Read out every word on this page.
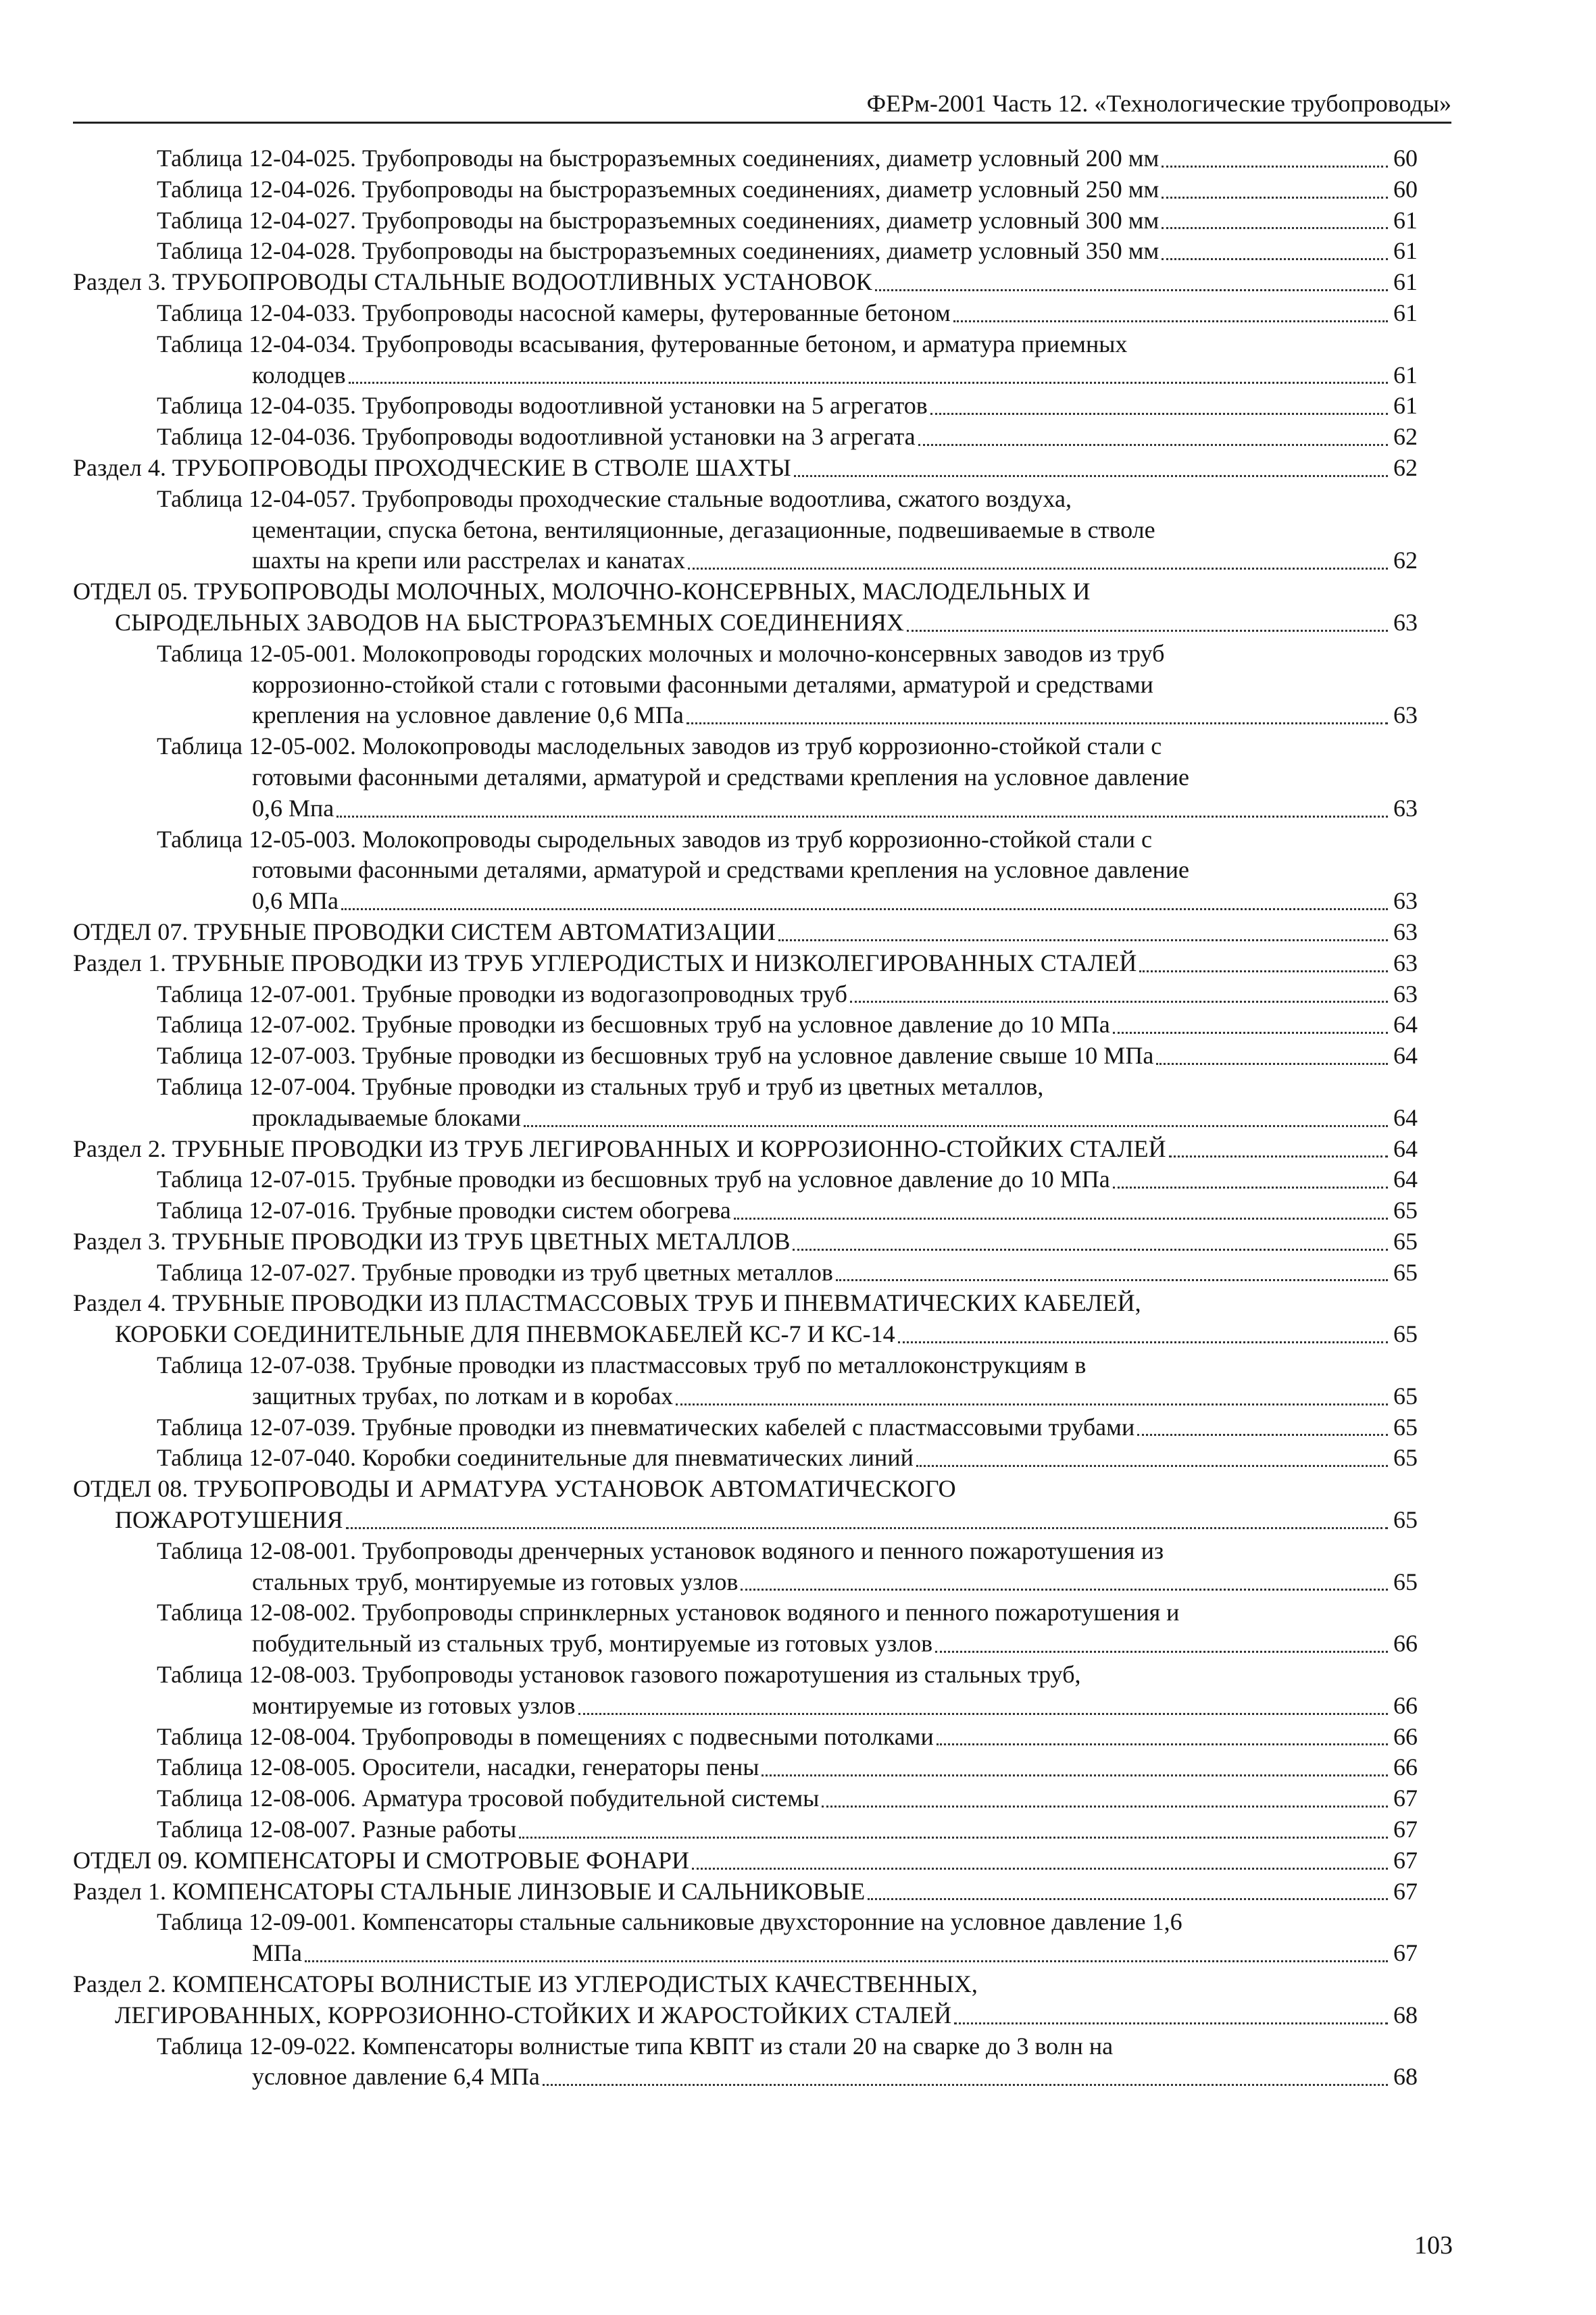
ФЕРм-2001 Часть 12. «Технологические трубопроводы»
Таблица 12-04-025. Трубопроводы на быстроразъемных соединениях, диаметр условный 200 мм	60
Таблица 12-04-026. Трубопроводы на быстроразъемных соединениях, диаметр условный 250 мм	60
Таблица 12-04-027. Трубопроводы на быстроразъемных соединениях, диаметр условный 300 мм	61
Таблица 12-04-028. Трубопроводы на быстроразъемных соединениях, диаметр условный 350 мм	61
Раздел 3. ТРУБОПРОВОДЫ СТАЛЬНЫЕ ВОДООТЛИВНЫХ УСТАНОВОК	61
Таблица 12-04-033. Трубопроводы насосной камеры, футерованные бетоном	61
Таблица 12-04-034. Трубопроводы всасывания, футерованные бетоном, и арматура приемных
колодцев	61
Таблица 12-04-035. Трубопроводы водоотливной установки на 5 агрегатов	61
Таблица 12-04-036. Трубопроводы водоотливной установки на 3 агрегата	62
Раздел 4. ТРУБОПРОВОДЫ ПРОХОДЧЕСКИЕ В СТВОЛЕ ШАХТЫ	62
Таблица 12-04-057. Трубопроводы проходческие стальные водоотлива, сжатого воздуха,
цементации, спуска бетона, вентиляционные, дегазационные, подвешиваемые в стволе
шахты на крепи или расстрелах и канатах	62
ОТДЕЛ 05. ТРУБОПРОВОДЫ МОЛОЧНЫХ, МОЛОЧНО-КОНСЕРВНЫХ, МАСЛОДЕЛЬНЫХ И
СЫРОДЕЛЬНЫХ ЗАВОДОВ НА БЫСТРОРАЗЪЕМНЫХ СОЕДИНЕНИЯХ	63
Таблица 12-05-001. Молокопроводы городских молочных и молочно-консервных заводов из труб
коррозионно-стойкой стали с готовыми фасонными деталями, арматурой и средствами
крепления на условное давление 0,6 МПа	63
Таблица 12-05-002. Молокопроводы маслодельных заводов из труб коррозионно-стойкой стали с
готовыми фасонными деталями, арматурой и средствами крепления на условное давление
0,6 Мпа	63
Таблица 12-05-003. Молокопроводы сыродельных заводов из труб коррозионно-стойкой стали с
готовыми фасонными деталями, арматурой и средствами крепления на условное давление
0,6 МПа	63
ОТДЕЛ 07. ТРУБНЫЕ ПРОВОДКИ СИСТЕМ АВТОМАТИЗАЦИИ	63
Раздел 1. ТРУБНЫЕ ПРОВОДКИ ИЗ ТРУБ УГЛЕРОДИСТЫХ И НИЗКОЛЕГИРОВАННЫХ СТАЛЕЙ	63
Таблица 12-07-001. Трубные проводки из водогазопроводных труб	63
Таблица 12-07-002. Трубные проводки из бесшовных труб на условное давление до 10 МПа	64
Таблица 12-07-003. Трубные проводки из бесшовных труб на условное давление свыше 10 МПа	64
Таблица 12-07-004. Трубные проводки из стальных труб и труб из цветных металлов,
прокладываемые блоками	64
Раздел 2. ТРУБНЫЕ ПРОВОДКИ ИЗ ТРУБ ЛЕГИРОВАННЫХ И КОРРОЗИОННО-СТОЙКИХ СТАЛЕЙ	64
Таблица 12-07-015. Трубные проводки из бесшовных труб на условное давление до 10 МПа	64
Таблица 12-07-016. Трубные проводки систем обогрева	65
Раздел 3. ТРУБНЫЕ ПРОВОДКИ ИЗ ТРУБ ЦВЕТНЫХ МЕТАЛЛОВ	65
Таблица 12-07-027. Трубные проводки из труб цветных металлов	65
Раздел 4. ТРУБНЫЕ ПРОВОДКИ ИЗ ПЛАСТМАССОВЫХ ТРУБ И ПНЕВМАТИЧЕСКИХ КАБЕЛЕЙ,
КОРОБКИ СОЕДИНИТЕЛЬНЫЕ ДЛЯ ПНЕВМОКАБЕЛЕЙ КС-7 И КС-14	65
Таблица 12-07-038. Трубные проводки из пластмассовых труб по металлоконструкциям в
защитных трубах, по лоткам и в коробах	65
Таблица 12-07-039. Трубные проводки из пневматических кабелей с пластмассовыми трубами	65
Таблица 12-07-040. Коробки соединительные для пневматических линий	65
ОТДЕЛ 08. ТРУБОПРОВОДЫ И АРМАТУРА УСТАНОВОК АВТОМАТИЧЕСКОГО
ПОЖАРОТУШЕНИЯ	65
Таблица 12-08-001. Трубопроводы дренчерных установок водяного и пенного пожаротушения из
стальных труб, монтируемые из готовых узлов	65
Таблица 12-08-002. Трубопроводы спринклерных установок водяного и пенного пожаротушения и
побудительный из стальных труб, монтируемые из готовых узлов	66
Таблица 12-08-003. Трубопроводы установок газового пожаротушения из стальных труб,
монтируемые из готовых узлов	66
Таблица 12-08-004. Трубопроводы в помещениях с подвесными потолками	66
Таблица 12-08-005. Оросители, насадки, генераторы пены	66
Таблица 12-08-006. Арматура тросовой побудительной системы	67
Таблица 12-08-007. Разные работы	67
ОТДЕЛ 09. КОМПЕНСАТОРЫ И СМОТРОВЫЕ ФОНАРИ	67
Раздел 1. КОМПЕНСАТОРЫ СТАЛЬНЫЕ ЛИНЗОВЫЕ И САЛЬНИКОВЫЕ	67
Таблица 12-09-001. Компенсаторы стальные сальниковые двухсторонние на условное давление 1,6
МПа	67
Раздел 2. КОМПЕНСАТОРЫ ВОЛНИСТЫЕ ИЗ УГЛЕРОДИСТЫХ КАЧЕСТВЕННЫХ,
ЛЕГИРОВАННЫХ, КОРРОЗИОННО-СТОЙКИХ И ЖАРОСТОЙКИХ СТАЛЕЙ	68
Таблица 12-09-022. Компенсаторы волнистые типа КВПТ из стали 20 на сварке до 3 волн на
условное давление 6,4 МПа	68
103
